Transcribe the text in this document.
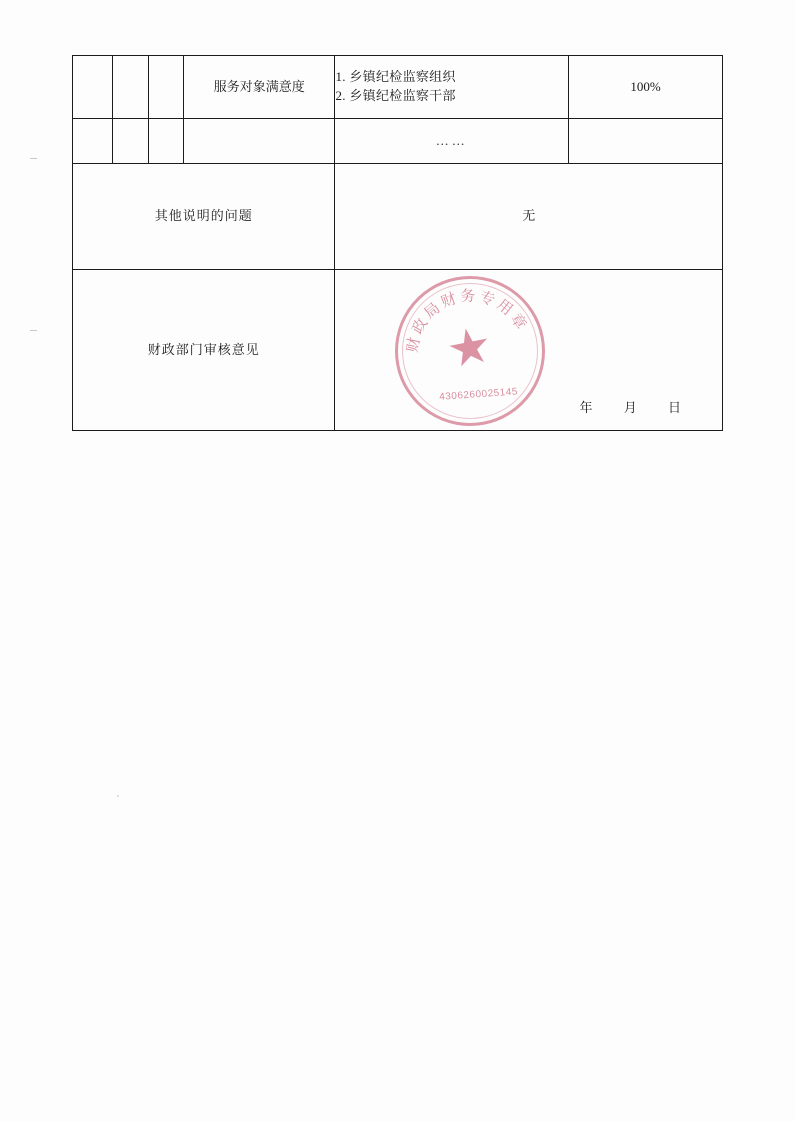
			服务对象满意度	1. 乡镇纪检监察组织
2. 乡镇纪检监察干部	100%
				……	
其他说明的问题				无	
财政部门审核意见				财政局财务专用章
4306260025145
年 月 日	
